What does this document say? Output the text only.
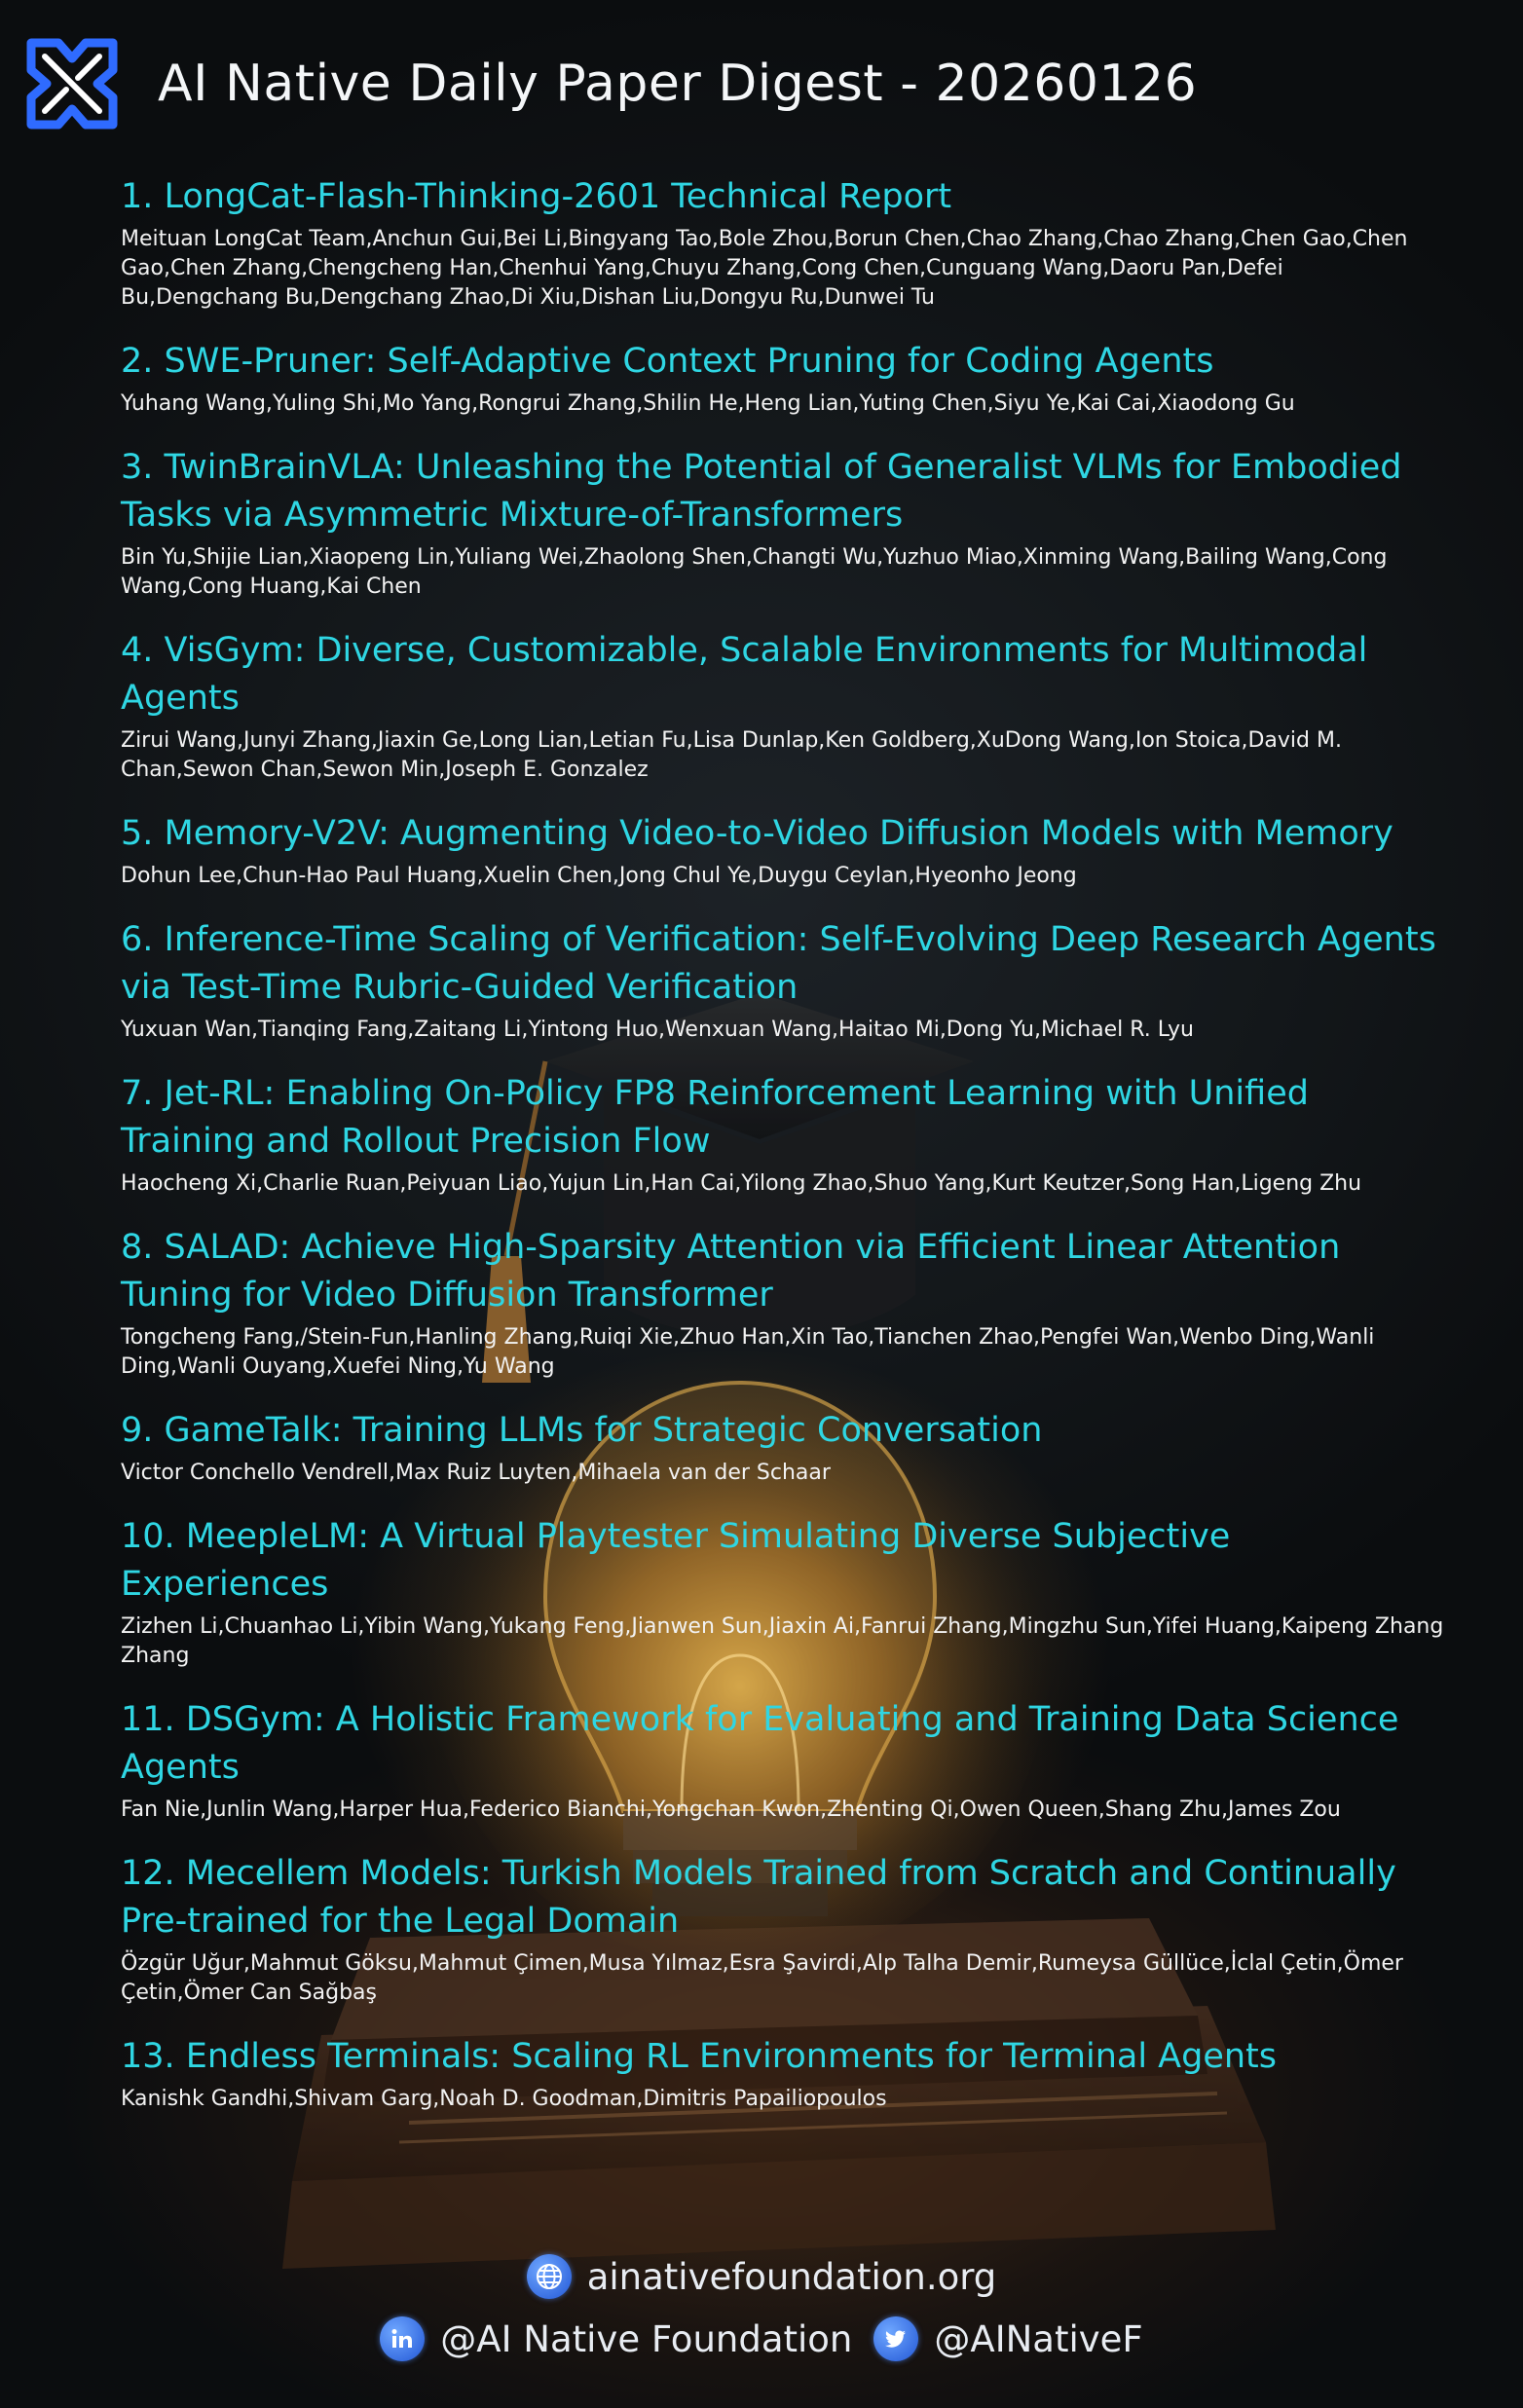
AI Native Daily Paper Digest - 20260126

1. LongCat-Flash-Thinking-2601 Technical Report

Meituan LongCat Team,Anchun Gui,Bei Li,Bingyang Tao,Bole Zhou,Borun Chen,Chao Zhang,Chao Zhang,Chen Gao,Chen Gao,Chen Zhang,Chengcheng Han,Chenhui Yang,Chuyu Zhang,Cong Chen,Cunguang Wang,Daoru Pan,Defei Bu,Dengchang Bu,Dengchang Zhao,Di Xiu,Dishan Liu,Dongyu Ru,Dunwei Tu

2. SWE-Pruner: Self-Adaptive Context Pruning for Coding Agents

Yuhang Wang,Yuling Shi,Mo Yang,Rongrui Zhang,Shilin He,Heng Lian,Yuting Chen,Siyu Ye,Kai Cai,Xiaodong Gu

3. TwinBrainVLA: Unleashing the Potential of Generalist VLMs for Embodied Tasks via Asymmetric Mixture-of-Transformers

Bin Yu,Shijie Lian,Xiaopeng Lin,Yuliang Wei,Zhaolong Shen,Changti Wu,Yuzhuo Miao,Xinming Wang,Bailing Wang,Cong Wang,Cong Huang,Kai Chen

4. VisGym: Diverse, Customizable, Scalable Environments for Multimodal Agents

Zirui Wang,Junyi Zhang,Jiaxin Ge,Long Lian,Letian Fu,Lisa Dunlap,Ken Goldberg,XuDong Wang,Ion Stoica,David M. Chan,Sewon Chan,Sewon Min,Joseph E. Gonzalez

5. Memory-V2V: Augmenting Video-to-Video Diffusion Models with Memory

Dohun Lee,Chun-Hao Paul Huang,Xuelin Chen,Jong Chul Ye,Duygu Ceylan,Hyeonho Jeong

6. Inference-Time Scaling of Verification: Self-Evolving Deep Research Agents via Test-Time Rubric-Guided Verification

Yuxuan Wan,Tianqing Fang,Zaitang Li,Yintong Huo,Wenxuan Wang,Haitao Mi,Dong Yu,Michael R. Lyu

7. Jet-RL: Enabling On-Policy FP8 Reinforcement Learning with Unified Training and Rollout Precision Flow

Haocheng Xi,Charlie Ruan,Peiyuan Liao,Yujun Lin,Han Cai,Yilong Zhao,Shuo Yang,Kurt Keutzer,Song Han,Ligeng Zhu

8. SALAD: Achieve High-Sparsity Attention via Efficient Linear Attention Tuning for Video Diffusion Transformer

Tongcheng Fang,/Stein-Fun,Hanling Zhang,Ruiqi Xie,Zhuo Han,Xin Tao,Tianchen Zhao,Pengfei Wan,Wenbo Ding,Wanli Ding,Wanli Ouyang,Xuefei Ning,Yu Wang

9. GameTalk: Training LLMs for Strategic Conversation

Victor Conchello Vendrell,Max Ruiz Luyten,Mihaela van der Schaar

10. MeepleLM: A Virtual Playtester Simulating Diverse Subjective Experiences

Zizhen Li,Chuanhao Li,Yibin Wang,Yukang Feng,Jianwen Sun,Jiaxin Ai,Fanrui Zhang,Mingzhu Sun,Yifei Huang,Kaipeng Zhang Zhang

11. DSGym: A Holistic Framework for Evaluating and Training Data Science Agents

Fan Nie,Junlin Wang,Harper Hua,Federico Bianchi,Yongchan Kwon,Zhenting Qi,Owen Queen,Shang Zhu,James Zou

12. Mecellem Models: Turkish Models Trained from Scratch and Continually Pre-trained for the Legal Domain

Özgür Uğur,Mahmut Göksu,Mahmut Çimen,Musa Yılmaz,Esra Şavirdi,Alp Talha Demir,Rumeysa Güllüce,İclal Çetin,Ömer Çetin,Ömer Can Sağbaş

13. Endless Terminals: Scaling RL Environments for Terminal Agents

Kanishk Gandhi,Shivam Garg,Noah D. Goodman,Dimitris Papailiopoulos

ainativefoundation.org
@AI Native Foundation @AINativeF
